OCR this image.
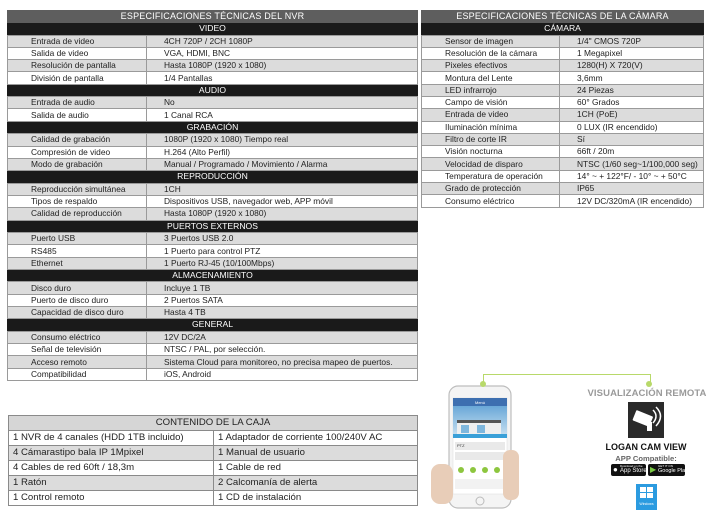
ESPECIFICACIONES TÉCNICAS DEL NVR
VIDEO
Entrada de video	4CH 720P / 2CH 1080P
Salida de video	VGA, HDMI, BNC
Resolución de pantalla	Hasta 1080P (1920 x 1080)
División de pantalla	1/4 Pantallas
AUDIO
Entrada de audio	No
Salida de audio	1 Canal RCA
GRABACIÓN
Calidad de grabación	1080P (1920 x 1080) Tiempo real
Compresión de video	H.264 (Alto Perfil)
Modo de grabación	Manual / Programado / Movimiento / Alarma
REPRODUCCIÓN
Reproducción simultánea	1CH
Tipos de respaldo	Dispositivos USB, navegador web, APP móvil
Calidad de reproducción	Hasta 1080P (1920 x 1080)
PUERTOS EXTERNOS
Puerto USB	3 Puertos USB 2.0
RS485	1 Puerto para control PTZ
Ethernet	1 Puerto RJ-45 (10/100Mbps)
ALMACENAMIENTO
Disco duro	Incluye 1 TB
Puerto de disco duro	2 Puertos SATA
Capacidad de disco duro	Hasta 4 TB
GENERAL
Consumo eléctrico	12V DC/2A
Señal de televisión	NTSC / PAL, por selección.
Acceso remoto	Sistema Cloud para monitoreo, no precisa mapeo de puertos.
Compatibilidad	iOS, Android
ESPECIFICACIONES TÉCNICAS DE LA CÁMARA
CÁMARA
Sensor de imagen	1/4" CMOS 720P
Resolución de la cámara	1 Megapixel
Pixeles efectivos	1280(H) X 720(V)
Montura del Lente	3,6mm
LED infrarrojo	24 Piezas
Campo de visión	60° Grados
Entrada de video	1CH (PoE)
Iluminación mínima	0 LUX (IR encendido)
Filtro de corte IR	Sí
Visión nocturna	66ft / 20m
Velocidad de disparo	NTSC (1/60 seg~1/100,000 seg)
Temperatura de operación	14° ~ + 122°F/ - 10° ~ + 50°C
Grado de protección	IP65
Consumo eléctrico	12V DC/320mA (IR encendido)
CONTENIDO DE LA CAJA	
1 NVR de 4 canales (HDD 1TB incluido)	1 Adaptador de corriente 100/240V AC
4 Cámarastipo bala IP 1Mpixel	1 Manual de usuario
4 Cables de red 60ft / 18,3m	1 Cable de red
1 Ratón	2 Calcomanía de alerta
1 Control remoto	1 CD de instalación
Menú
PTZ
VISUALIZACIÓN REMOTA
LOGAN CAM VIEW
APP Compatible:
● Download on the
App Store ▶ GET IT ON
Google Play
Windows
